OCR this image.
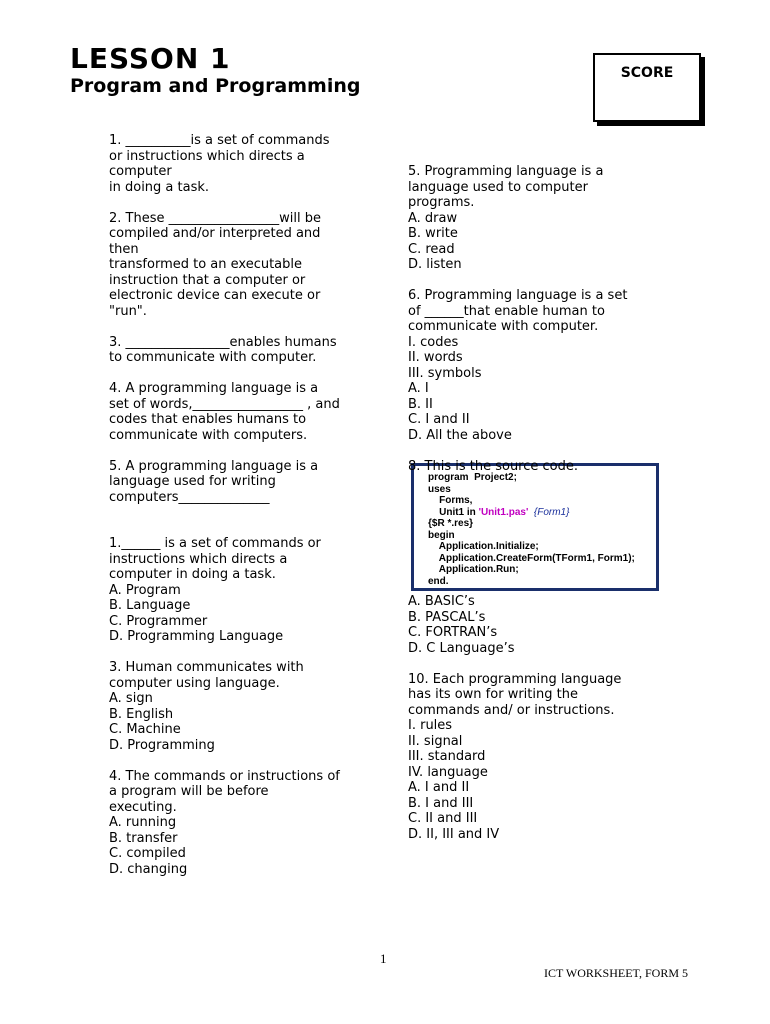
LESSON 1
Program and Programming
SCORE
1. __________is a set of commands
or instructions which directs a
computer
in doing a task.
2. These _________________will be
compiled and/or interpreted and
then
transformed to an executable
instruction that a computer or
electronic device can execute or
"run".
3. ________________enables humans
to communicate with computer.
4. A programming language is a
set of words,_________________ , and
codes that enables humans to
communicate with computers.
5. A programming language is a
language used for writing
computers______________
1.______ is a set of commands or
instructions which directs a
computer in doing a task.
A. Program
B. Language
C. Programmer
D. Programming Language
3. Human communicates with
computer using language.
A. sign
B. English
C. Machine
D. Programming
4. The commands or instructions of
a program will be before
executing.
A. running
B. transfer
C. compiled
D. changing
5. Programming language is a
language used to computer
programs.
A. draw
B. write
C. read
D. listen
6. Programming language is a set
of ______that enable human to
communicate with computer.
I. codes
II. words
III. symbols
A. I
B. II
C. I and II
D. All the above
8. This is the source code.
program  Project2;
uses
Forms,
Unit1 in 'Unit1.pas'  {Form1}
{$R *.res}
begin
Application.Initialize;
Application.CreateForm(TForm1, Form1);
Application.Run;
end.
A. BASIC’s
B. PASCAL’s
C. FORTRAN’s
D. C Language’s
10. Each programming language
has its own for writing the
commands and/ or instructions.
I. rules
II. signal
III. standard
IV. language
A. I and II
B. I and III
C. II and III
D. II, III and IV
1
ICT WORKSHEET, FORM 5
